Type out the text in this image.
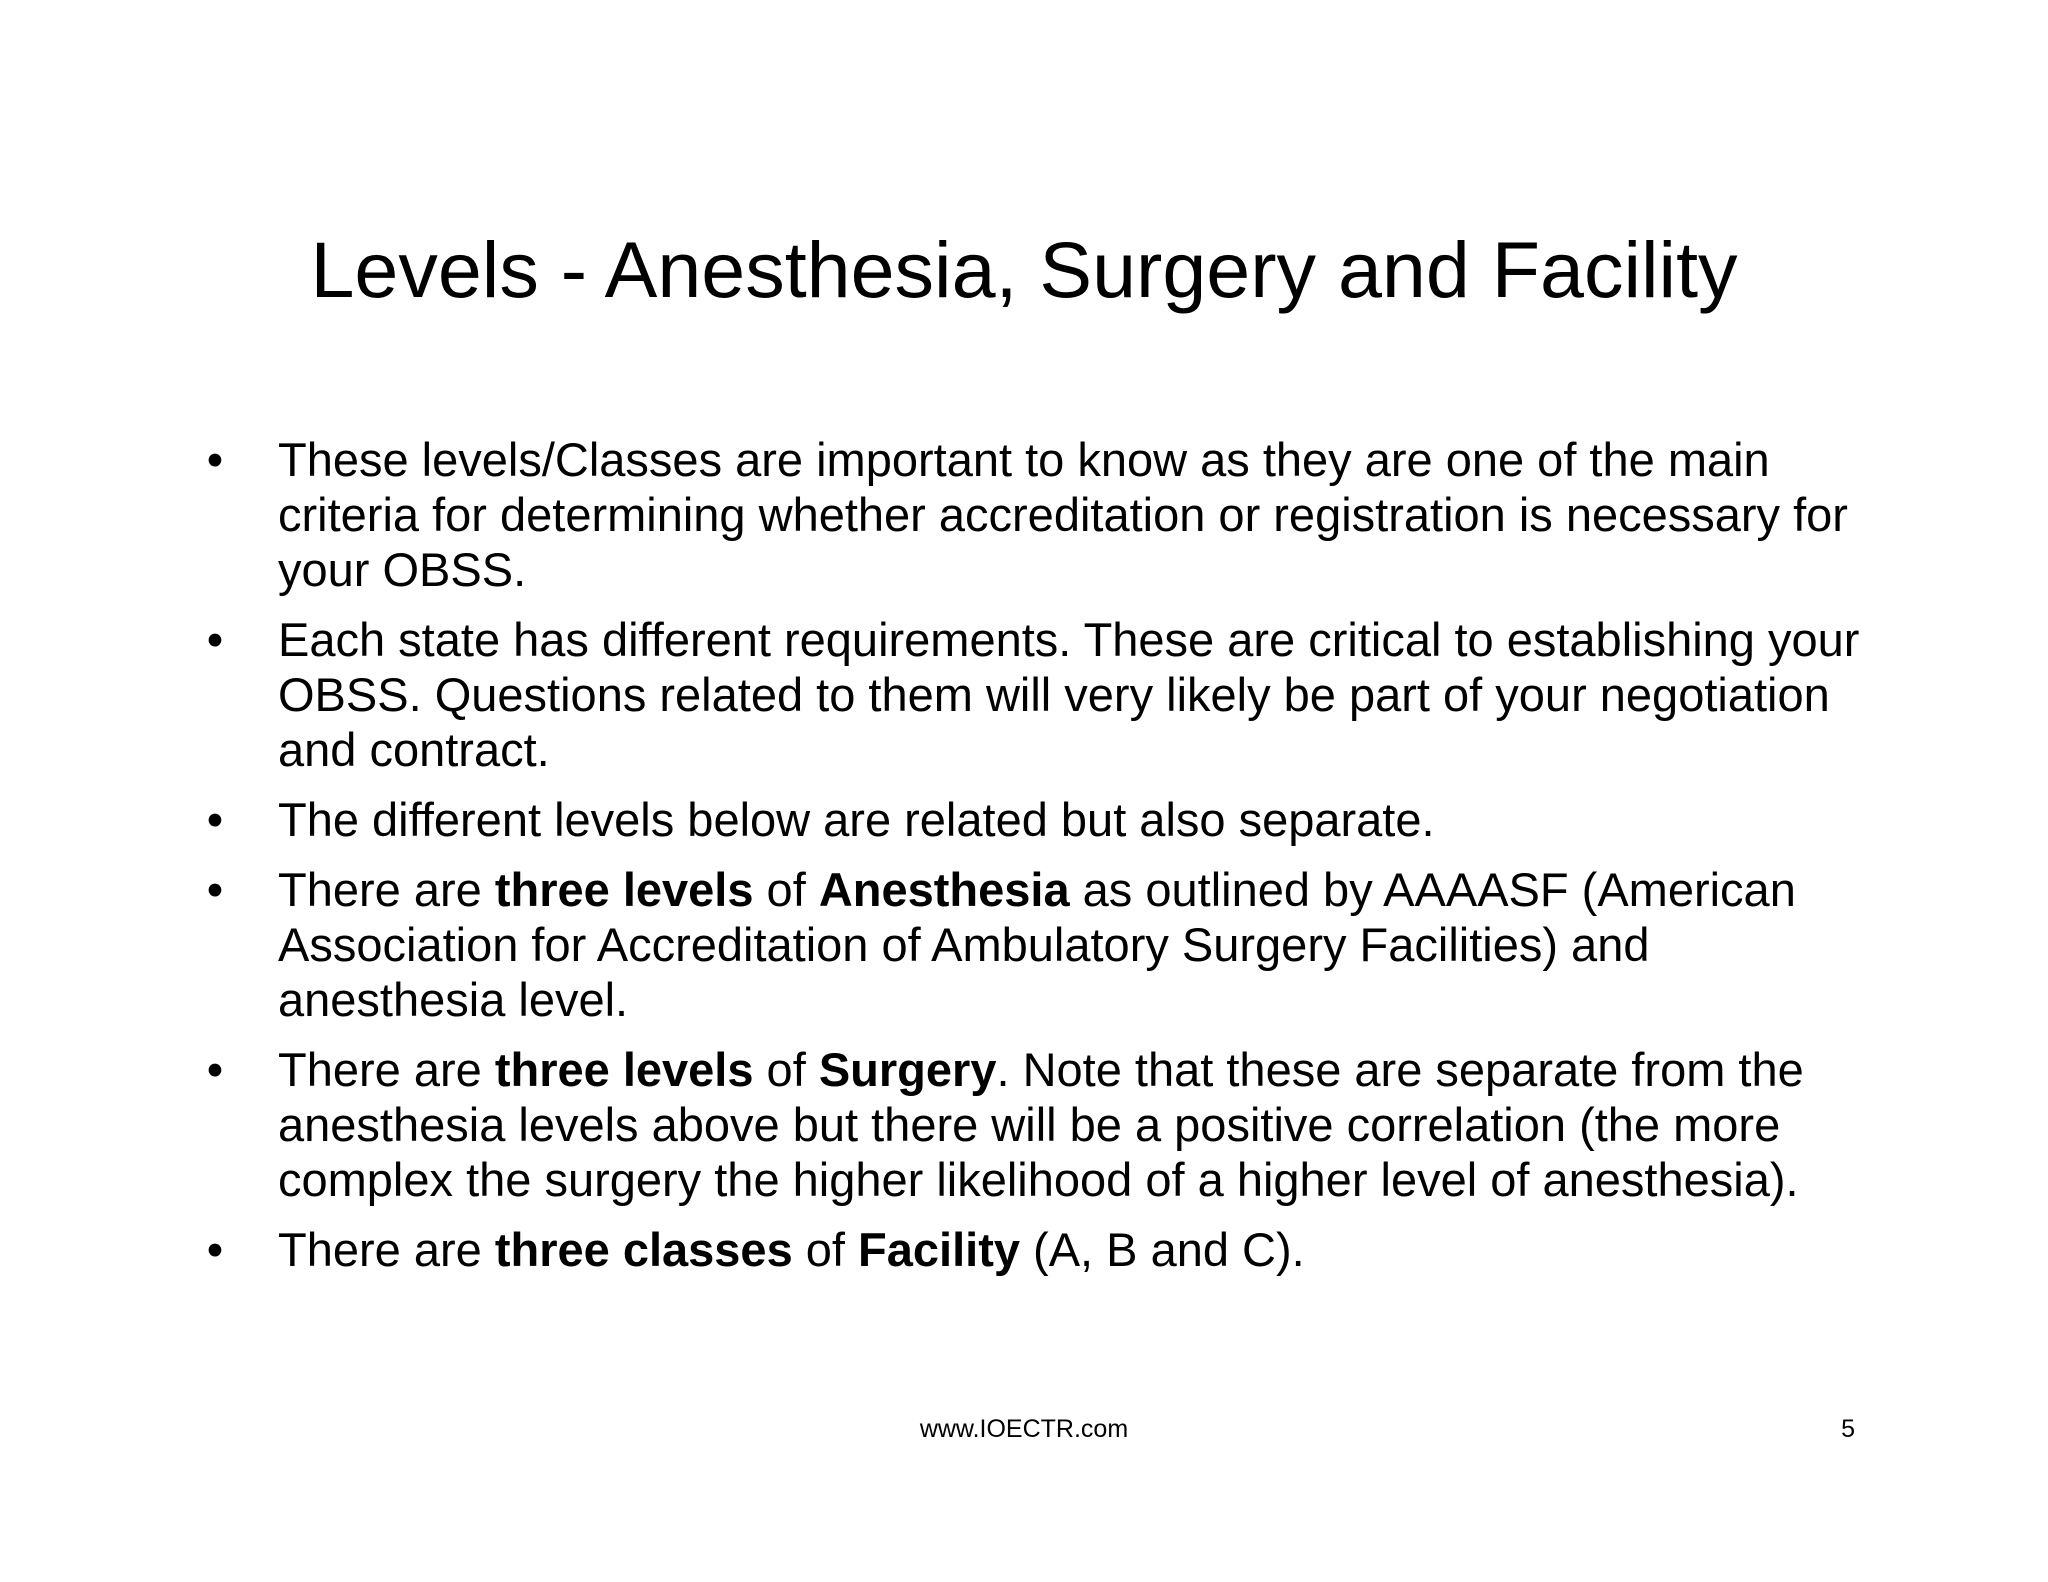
Levels - Anesthesia, Surgery and Facility
• These levels/Classes are important to know as they are one of the main criteria for determining whether accreditation or registration is necessary for your OBSS.
• Each state has different requirements. These are critical to establishing your OBSS. Questions related to them will very likely be part of your negotiation and contract.
• The different levels below are related but also separate.
• There are three levels of Anesthesia as outlined by AAAASF (American Association for Accreditation of Ambulatory Surgery Facilities) and anesthesia level.
• There are three levels of Surgery. Note that these are separate from the anesthesia levels above but there will be a positive correlation (the more complex the surgery the higher likelihood of a higher level of anesthesia).
• There are three classes of Facility (A, B and C).
www.IOECTR.com	5
